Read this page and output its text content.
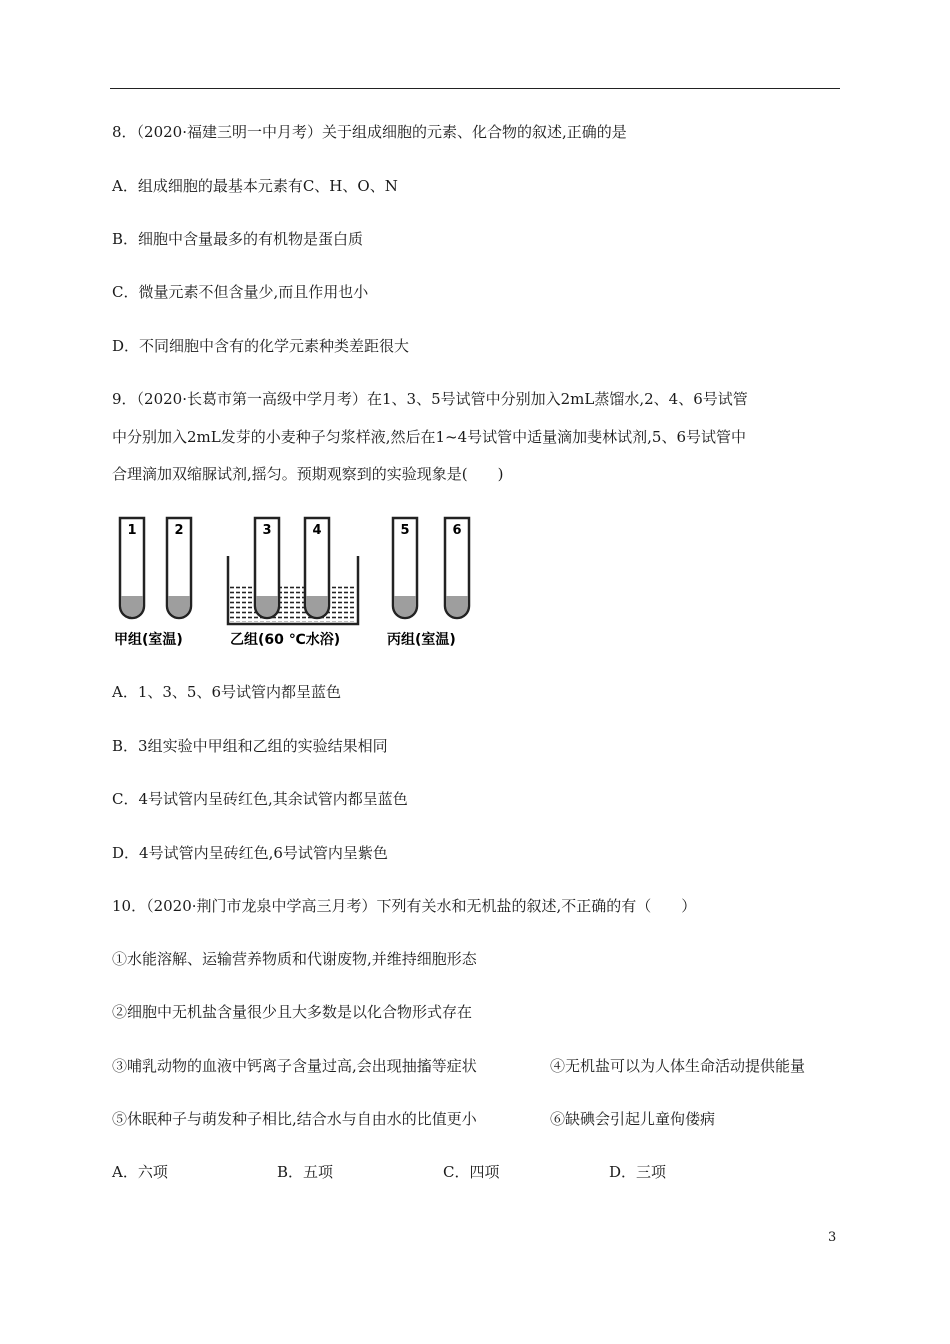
8．（2020·福建三明一中月考）关于组成细胞的元素、化合物的叙述,正确的是
A．组成细胞的最基本元素有C、H、O、N
B．细胞中含量最多的有机物是蛋白质
C．微量元素不但含量少,而且作用也小
D．不同细胞中含有的化学元素种类差距很大
9．（2020·长葛市第一高级中学月考）在1、3、5号试管中分别加入2mL蒸馏水,2、4、6号试管
中分别加入2mL发芽的小麦种子匀浆样液,然后在1~4号试管中适量滴加斐林试剂,5、6号试管中
合理滴加双缩脲试剂,摇匀。预期观察到的实验现象是(　　)
1	2	3	4	5	6
甲组(室温)	乙组(60 ℃水浴)	丙组(室温)
A．1、3、5、6号试管内都呈蓝色
B．3组实验中甲组和乙组的实验结果相同
C．4号试管内呈砖红色,其余试管内都呈蓝色
D．4号试管内呈砖红色,6号试管内呈紫色
10．（2020·荆门市龙泉中学高三月考）下列有关水和无机盐的叙述,不正确的有（　　）
①水能溶解、运输营养物质和代谢废物,并维持细胞形态
②细胞中无机盐含量很少且大多数是以化合物形式存在
③哺乳动物的血液中钙离子含量过高,会出现抽搐等症状	④无机盐可以为人体生命活动提供能量
⑤休眠种子与萌发种子相比,结合水与自由水的比值更小	⑥缺碘会引起儿童佝偻病
A．六项	B．五项	C．四项	D．三项
3
